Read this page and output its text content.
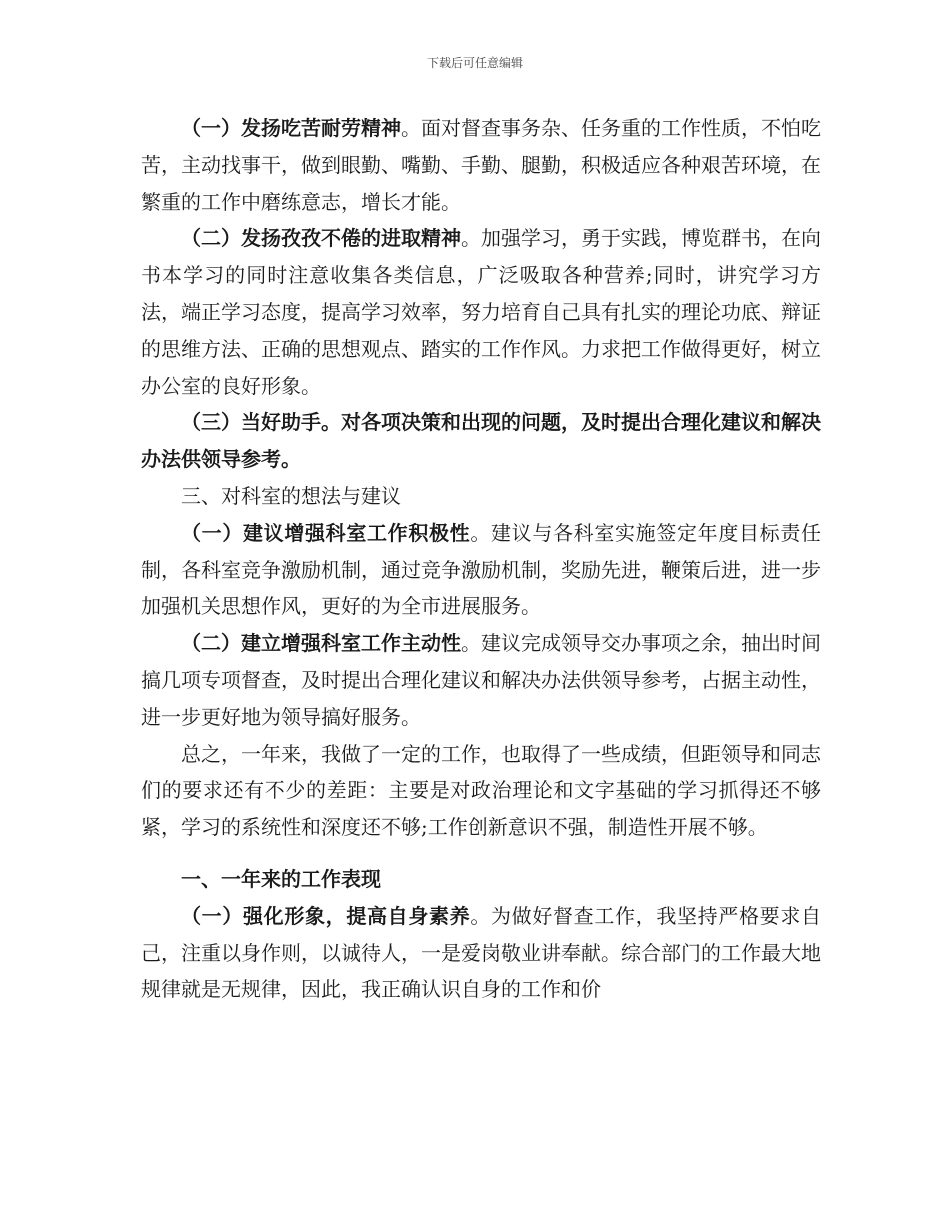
下载后可任意编辑

（一）发扬吃苦耐劳精神。面对督查事务杂、任务重的工作性质，不怕吃苦，主动找事干，做到眼勤、嘴勤、手勤、腿勤，积极适应各种艰苦环境，在繁重的工作中磨练意志，增长才能。

（二）发扬孜孜不倦的进取精神。加强学习，勇于实践，博览群书，在向书本学习的同时注意收集各类信息，广泛吸取各种营养;同时，讲究学习方法，端正学习态度，提高学习效率，努力培育自己具有扎实的理论功底、辩证的思维方法、正确的思想观点、踏实的工作作风。力求把工作做得更好，树立办公室的良好形象。

（三）当好助手。对各项决策和出现的问题，及时提出合理化建议和解决办法供领导参考。

三、对科室的想法与建议

（一）建议增强科室工作积极性。建议与各科室实施签定年度目标责任制，各科室竞争激励机制，通过竞争激励机制，奖励先进，鞭策后进，进一步加强机关思想作风，更好的为全市进展服务。

（二）建立增强科室工作主动性。建议完成领导交办事项之余，抽出时间搞几项专项督查，及时提出合理化建议和解决办法供领导参考，占据主动性，进一步更好地为领导搞好服务。

总之，一年来，我做了一定的工作，也取得了一些成绩，但距领导和同志们的要求还有不少的差距：主要是对政治理论和文字基础的学习抓得还不够紧，学习的系统性和深度还不够;工作创新意识不强，制造性开展不够。

一、一年来的工作表现

（一）强化形象，提高自身素养。为做好督查工作，我坚持严格要求自己，注重以身作则，以诚待人，一是爱岗敬业讲奉献。综合部门的工作最大地规律就是无规律，因此，我正确认识自身的工作和价
